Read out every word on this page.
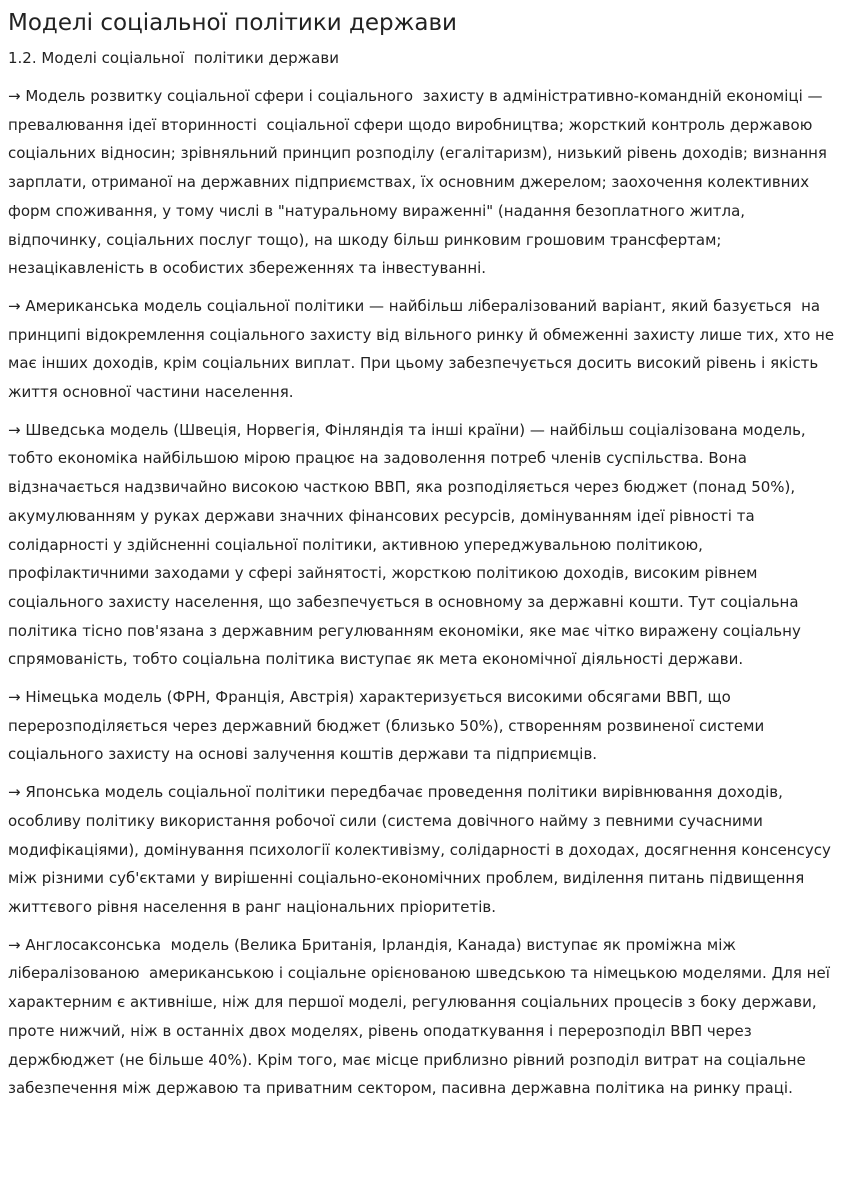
Моделі соціальної політики держави
1.2. Моделі соціальної  політики держави

→ Модель розвитку соціальної сфери і соціального  захисту в адміністративно-командній економіці — превалювання ідеї вторинності  соціальної сфери щодо виробництва; жорсткий контроль державою соціальних відносин; зрівняльний принцип розподілу (егалітаризм), низький рівень доходів; визнання зарплати, отриманої на державних підприємствах, їх основним джерелом; заохочення колективних форм споживання, у тому числі в "натуральному вираженні" (надання безоплатного житла, відпочинку, соціальних послуг тощо), на шкоду більш ринковим грошовим трансфертам; незацікавленість в особистих збереженнях та інвестуванні.

→ Американська модель соціальної політики — найбільш лібералізований варіант, який базується  на принципі відокремлення соціального захисту від вільного ринку й обмеженні захисту лише тих, хто не має інших доходів, крім соціальних виплат. При цьому забезпечується досить високий рівень і якість життя основної частини населення.

→ Шведська модель (Швеція, Норвегія, Фінляндія та інші країни) — найбільш соціалізована модель, тобто економіка найбільшою мірою працює на задоволення потреб членів суспільства. Вона відзначається надзвичайно високою часткою ВВП, яка розподіляється через бюджет (понад 50%), акумулюванням у руках держави значних фінансових ресурсів, домінуванням ідеї рівності та солідарності у здійсненні соціальної політики, активною упереджувальною політикою, профілактичними заходами у сфері зайнятості, жорсткою політикою доходів, високим рівнем соціального захисту населення, що забезпечується в основному за державні кошти. Тут соціальна політика тісно пов'язана з державним регулюванням економіки, яке має чітко виражену соціальну спрямованість, тобто соціальна політика виступає як мета економічної діяльності держави.

→ Німецька модель (ФРН, Франція, Австрія) характеризується високими обсягами ВВП, що перерозподіляється через державний бюджет (близько 50%), створенням розвиненої системи соціального захисту на основі залучення коштів держави та підприємців.

→ Японська модель соціальної політики передбачає проведення політики вирівнювання доходів, особливу політику використання робочої сили (система довічного найму з певними сучасними модифікаціями), домінування психології колективізму, солідарності в доходах, досягнення консенсусу між різними суб'єктами у вирішенні соціально-економічних проблем, виділення питань підвищення життєвого рівня населення в ранг національних пріоритетів.

→ Англосаксонська  модель (Велика Британія, Ірландія, Канада) виступає як проміжна між лібералізованою  американською і соціальне орієнованою шведською та німецькою моделями. Для неї характерним є активніше, ніж для першої моделі, регулювання соціальних процесів з боку держави, проте нижчий, ніж в останніх двох моделях, рівень оподаткування і перерозподіл ВВП через держбюджет (не більше 40%). Крім того, має місце приблизно рівний розподіл витрат на соціальне забезпечення між державою та приватним сектором, пасивна державна політика на ринку праці.
